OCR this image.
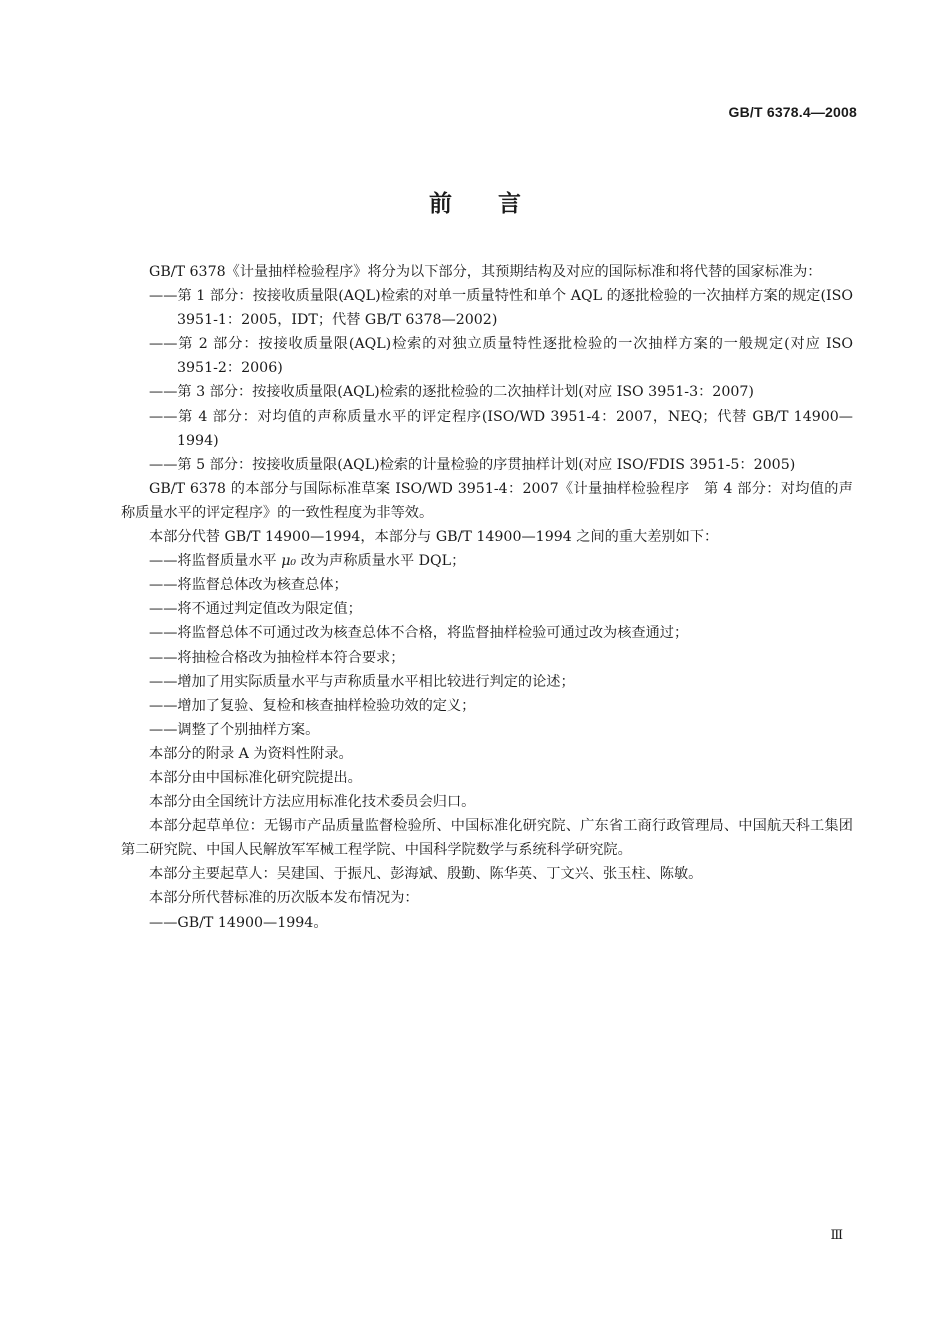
GB/T 6378.4—2008
前言

GB/T 6378《计量抽样检验程序》将分为以下部分，其预期结构及对应的国际标准和将代替的国家标准为：

——第 1 部分：按接收质量限(AQL)检索的对单一质量特性和单个 AQL 的逐批检验的一次抽样方案的规定(ISO 3951-1：2005，IDT；代替 GB/T 6378—2002)

——第 2 部分：按接收质量限(AQL)检索的对独立质量特性逐批检验的一次抽样方案的一般规定(对应 ISO 3951-2：2006)

——第 3 部分：按接收质量限(AQL)检索的逐批检验的二次抽样计划(对应 ISO 3951-3：2007)

——第 4 部分：对均值的声称质量水平的评定程序(ISO/WD 3951-4：2007，NEQ；代替 GB/T 14900—1994)

——第 5 部分：按接收质量限(AQL)检索的计量检验的序贯抽样计划(对应 ISO/FDIS 3951-5：2005)

GB/T 6378 的本部分与国际标准草案 ISO/WD 3951-4：2007《计量抽样检验程序　第 4 部分：对均值的声称质量水平的评定程序》的一致性程度为非等效。

本部分代替 GB/T 14900—1994，本部分与 GB/T 14900—1994 之间的重大差别如下：

——将监督质量水平 μ₀ 改为声称质量水平 DQL；

——将监督总体改为核查总体；

——将不通过判定值改为限定值；

——将监督总体不可通过改为核查总体不合格，将监督抽样检验可通过改为核查通过；

——将抽检合格改为抽检样本符合要求；

——增加了用实际质量水平与声称质量水平相比较进行判定的论述；

——增加了复验、复检和核查抽样检验功效的定义；

——调整了个别抽样方案。

本部分的附录 A 为资料性附录。

本部分由中国标准化研究院提出。

本部分由全国统计方法应用标准化技术委员会归口。

本部分起草单位：无锡市产品质量监督检验所、中国标准化研究院、广东省工商行政管理局、中国航天科工集团第二研究院、中国人民解放军军械工程学院、中国科学院数学与系统科学研究院。

本部分主要起草人：吴建国、于振凡、彭海斌、殷勤、陈华英、丁文兴、张玉柱、陈敏。

本部分所代替标准的历次版本发布情况为：

——GB/T 14900—1994。

Ⅲ
